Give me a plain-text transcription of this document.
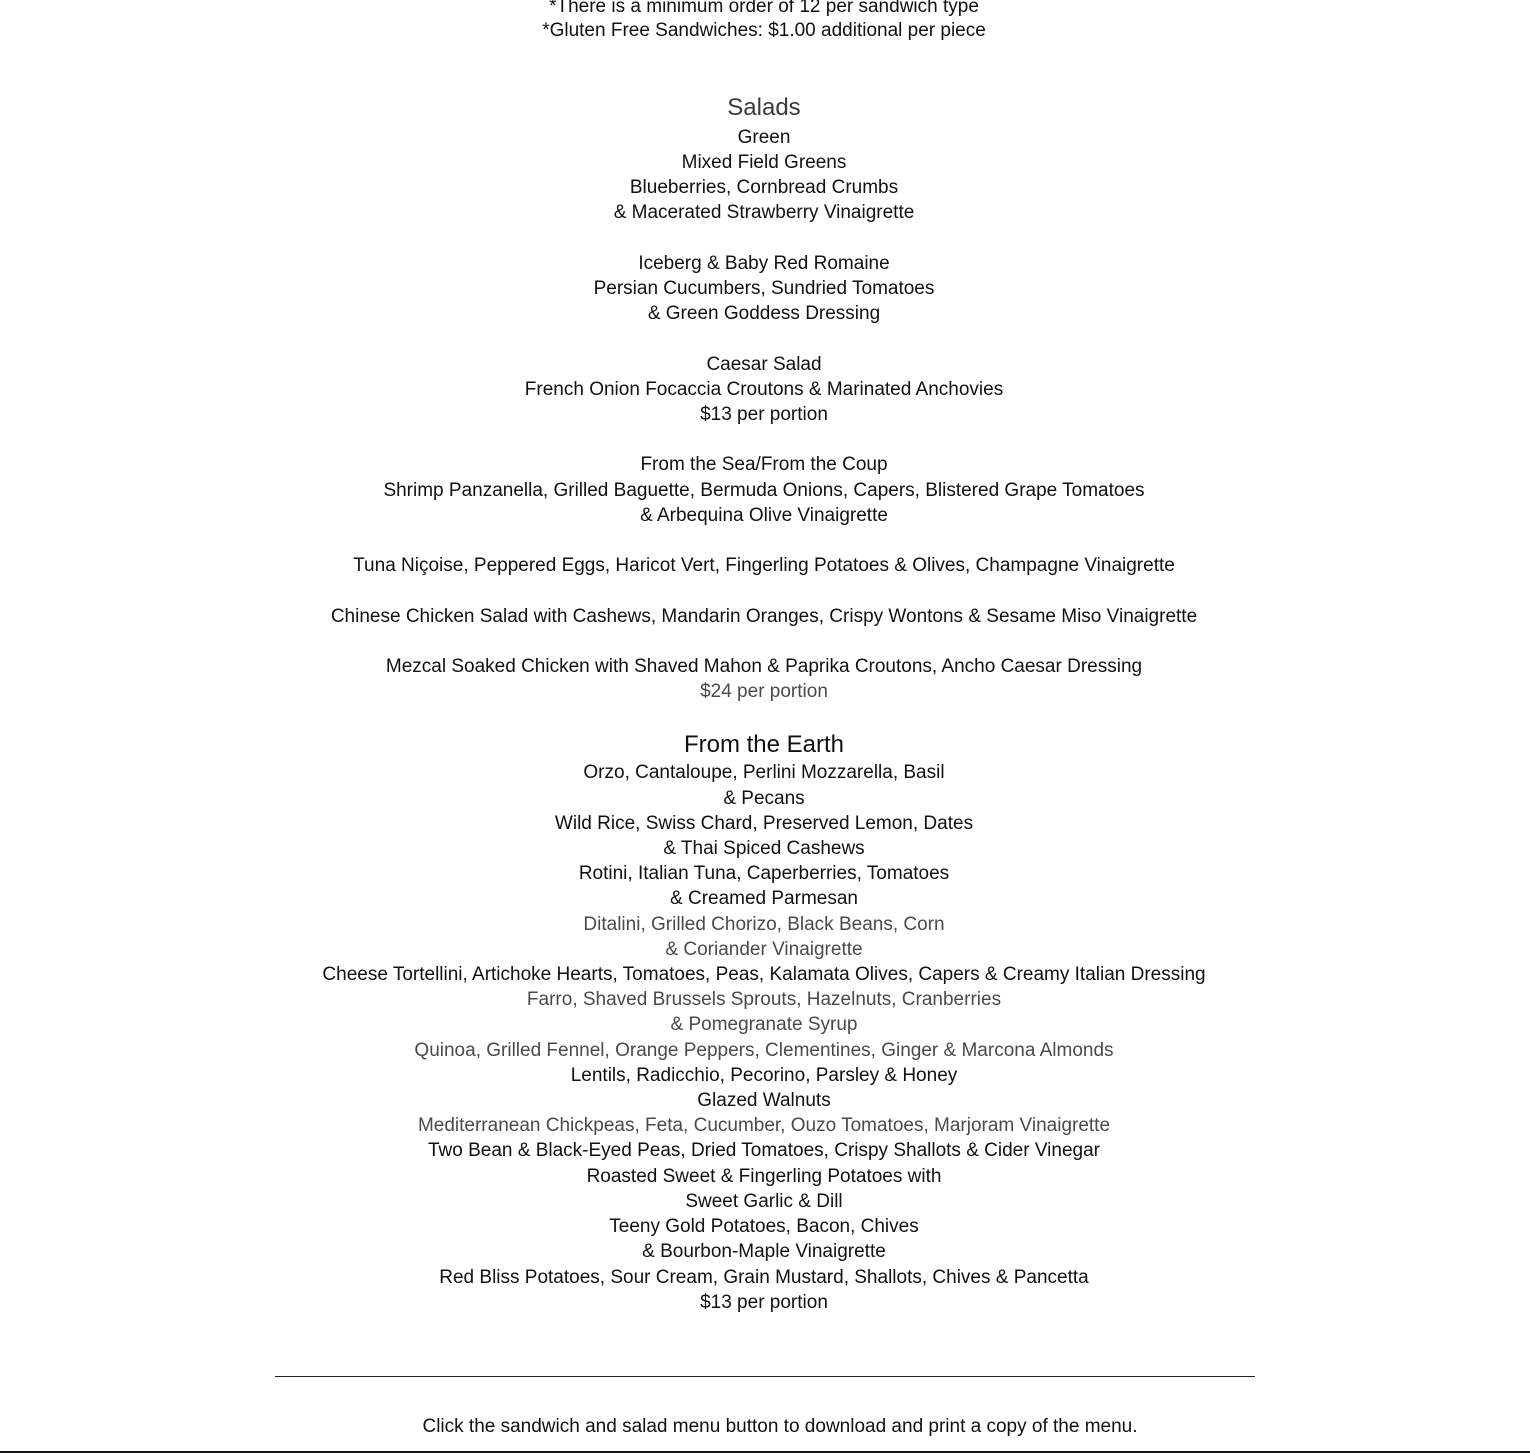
*There is a minimum order of 12 per sandwich type
*Gluten Free Sandwiches: $1.00 additional per piece
Salads
Green
Mixed Field Greens
Blueberries, Cornbread Crumbs
& Macerated Strawberry Vinaigrette
Iceberg & Baby Red Romaine
Persian Cucumbers, Sundried Tomatoes
& Green Goddess Dressing
Caesar Salad
French Onion Focaccia Croutons & Marinated Anchovies
$13 per portion
From the Sea/From the Coup
Shrimp Panzanella, Grilled Baguette, Bermuda Onions, Capers, Blistered Grape Tomatoes
& Arbequina Olive Vinaigrette
Tuna Niçoise, Peppered Eggs, Haricot Vert, Fingerling Potatoes & Olives, Champagne Vinaigrette
Chinese Chicken Salad with Cashews, Mandarin Oranges, Crispy Wontons & Sesame Miso Vinaigrette
Mezcal Soaked Chicken with Shaved Mahon & Paprika Croutons, Ancho Caesar Dressing
$24 per portion
From the Earth
Orzo, Cantaloupe, Perlini Mozzarella, Basil
& Pecans
Wild Rice, Swiss Chard, Preserved Lemon, Dates
& Thai Spiced Cashews
Rotini, Italian Tuna, Caperberries, Tomatoes
& Creamed Parmesan
Ditalini, Grilled Chorizo, Black Beans, Corn
& Coriander Vinaigrette
Cheese Tortellini, Artichoke Hearts, Tomatoes, Peas, Kalamata Olives, Capers & Creamy Italian Dressing
Farro, Shaved Brussels Sprouts, Hazelnuts, Cranberries
& Pomegranate Syrup
Quinoa, Grilled Fennel, Orange Peppers, Clementines, Ginger & Marcona Almonds
Lentils, Radicchio, Pecorino, Parsley & Honey
Glazed Walnuts
Mediterranean Chickpeas, Feta, Cucumber, Ouzo Tomatoes, Marjoram Vinaigrette
Two Bean & Black-Eyed Peas, Dried Tomatoes, Crispy Shallots & Cider Vinegar
Roasted Sweet & Fingerling Potatoes with
Sweet Garlic & Dill
Teeny Gold Potatoes, Bacon, Chives
& Bourbon-Maple Vinaigrette
Red Bliss Potatoes, Sour Cream, Grain Mustard, Shallots, Chives & Pancetta
$13 per portion
Click the sandwich and salad menu button to download and print a copy of the menu.
